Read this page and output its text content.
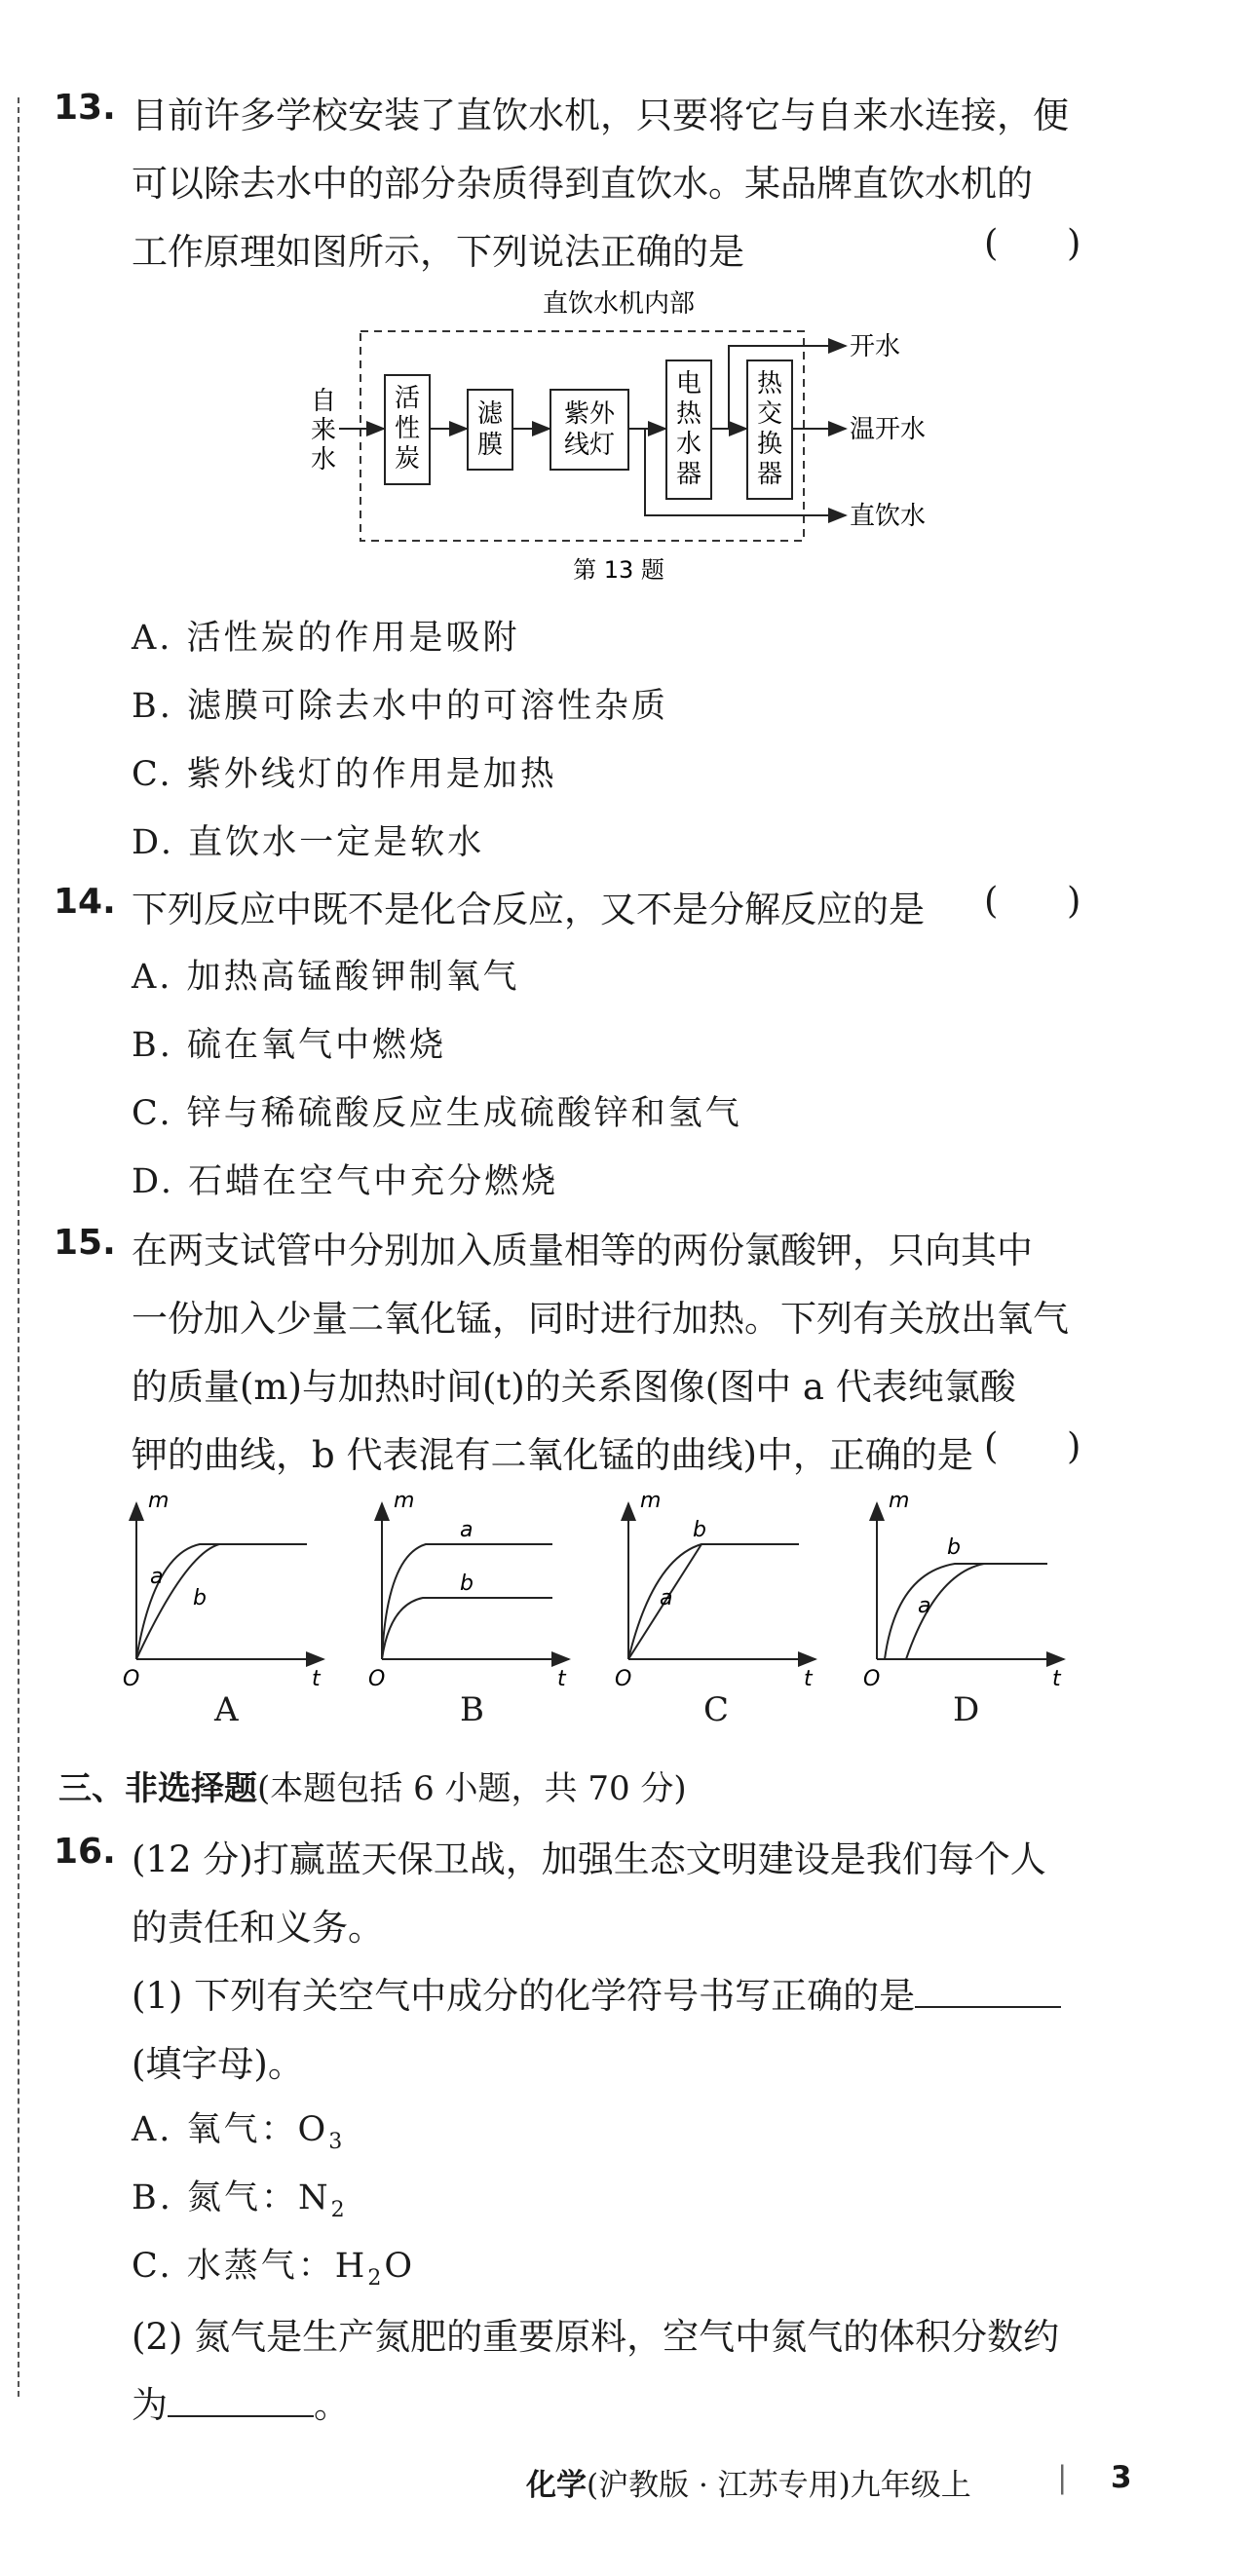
13. 目前许多学校安装了直饮水机，只要将它与自来水连接，便
可以除去水中的部分杂质得到直饮水。某品牌直饮水机的
工作原理如图所示，下列说法正确的是	(      )
直饮水机内部
自
来
水
活
性
炭
滤
膜
紫外
线灯
电
热
水
器
热
交
换
器
开水
温开水
直饮水
第 13 题
A. 活性炭的作用是吸附
B. 滤膜可除去水中的可溶性杂质
C. 紫外线灯的作用是加热
D. 直饮水一定是软水
14. 下列反应中既不是化合反应，又不是分解反应的是 (      )
A. 加热高锰酸钾制氧气
B. 硫在氧气中燃烧
C. 锌与稀硫酸反应生成硫酸锌和氢气
D. 石蜡在空气中充分燃烧
15. 在两支试管中分别加入质量相等的两份氯酸钾，只向其中
一份加入少量二氧化锰，同时进行加热。下列有关放出氧气
的质量(m)与加热时间(t)的关系图像(图中 a 代表纯氯酸
钾的曲线，b 代表混有二氧化锰的曲线)中，正确的是 (      )
m
t
O
a
b
m
t
O
a
b
m
t
O
b
a
m
t
O
b
a
A	B	C	D
三、非选择题(本题包括 6 小题，共 70 分)
16. (12 分)打赢蓝天保卫战，加强生态文明建设是我们每个人
的责任和义务。
(1) 下列有关空气中成分的化学符号书写正确的是
(填字母)。
A. 氧气：$O_3$
B. 氮气：$N_2$
C. 水蒸气：$H_2O$
(2) 氮气是生产氮肥的重要原料，空气中氮气的体积分数约
为	。
化学(沪教版 · 江苏专用)九年级上	| 3
